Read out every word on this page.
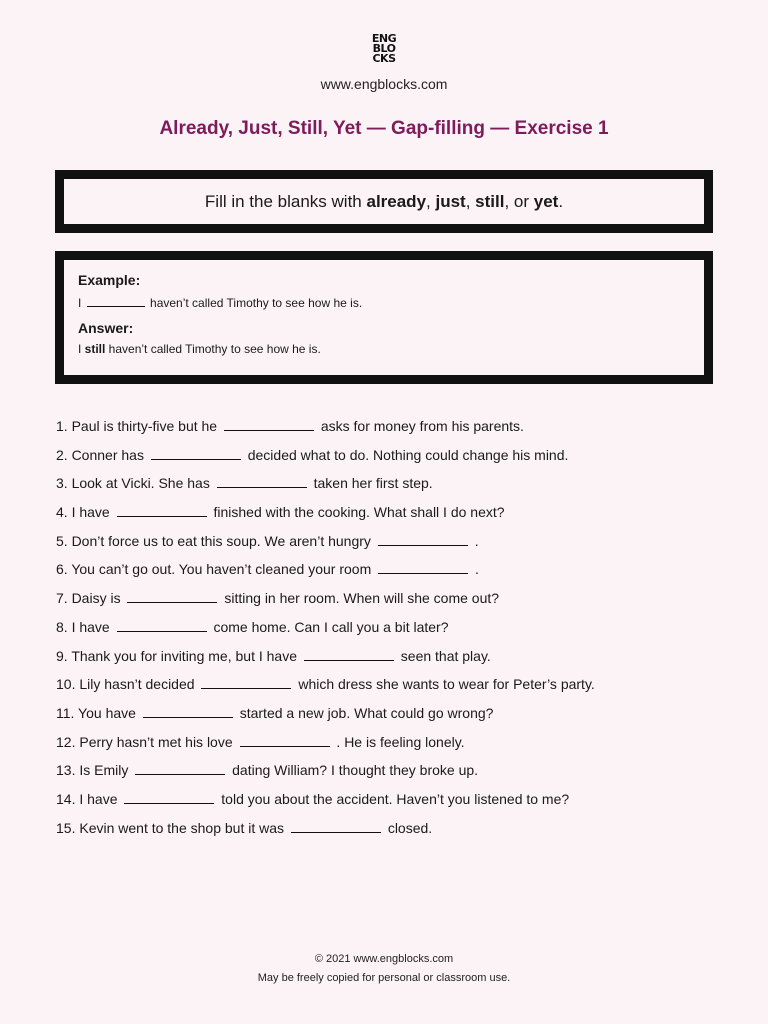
ENG
BLO
CKS
www.engblocks.com
Already, Just, Still, Yet — Gap-filling — Exercise 1
Fill in the blanks with already, just, still, or yet.

Example:

I	haven’t called Timothy to see how he is.

Answer:

I still haven’t called Timothy to see how he is.

1. Paul is thirty-five but he	asks for money from his parents.
2. Conner has	decided what to do. Nothing could change his mind.
3. Look at Vicki. She has	taken her first step.
4. I have	finished with the cooking. What shall I do next?
5. Don’t force us to eat this soup. We aren’t hungry	.
6. You can’t go out. You haven’t cleaned your room	.
7. Daisy is	sitting in her room. When will she come out?
8. I have	come home. Can I call you a bit later?
9. Thank you for inviting me, but I have	seen that play.
10. Lily hasn’t decided	which dress she wants to wear for Peter’s party.
11. You have	started a new job. What could go wrong?
12. Perry hasn’t met his love	. He is feeling lonely.
13. Is Emily	dating William? I thought they broke up.
14. I have	told you about the accident. Haven’t you listened to me?
15. Kevin went to the shop but it was	closed.
© 2021 www.engblocks.com
May be freely copied for personal or classroom use.
